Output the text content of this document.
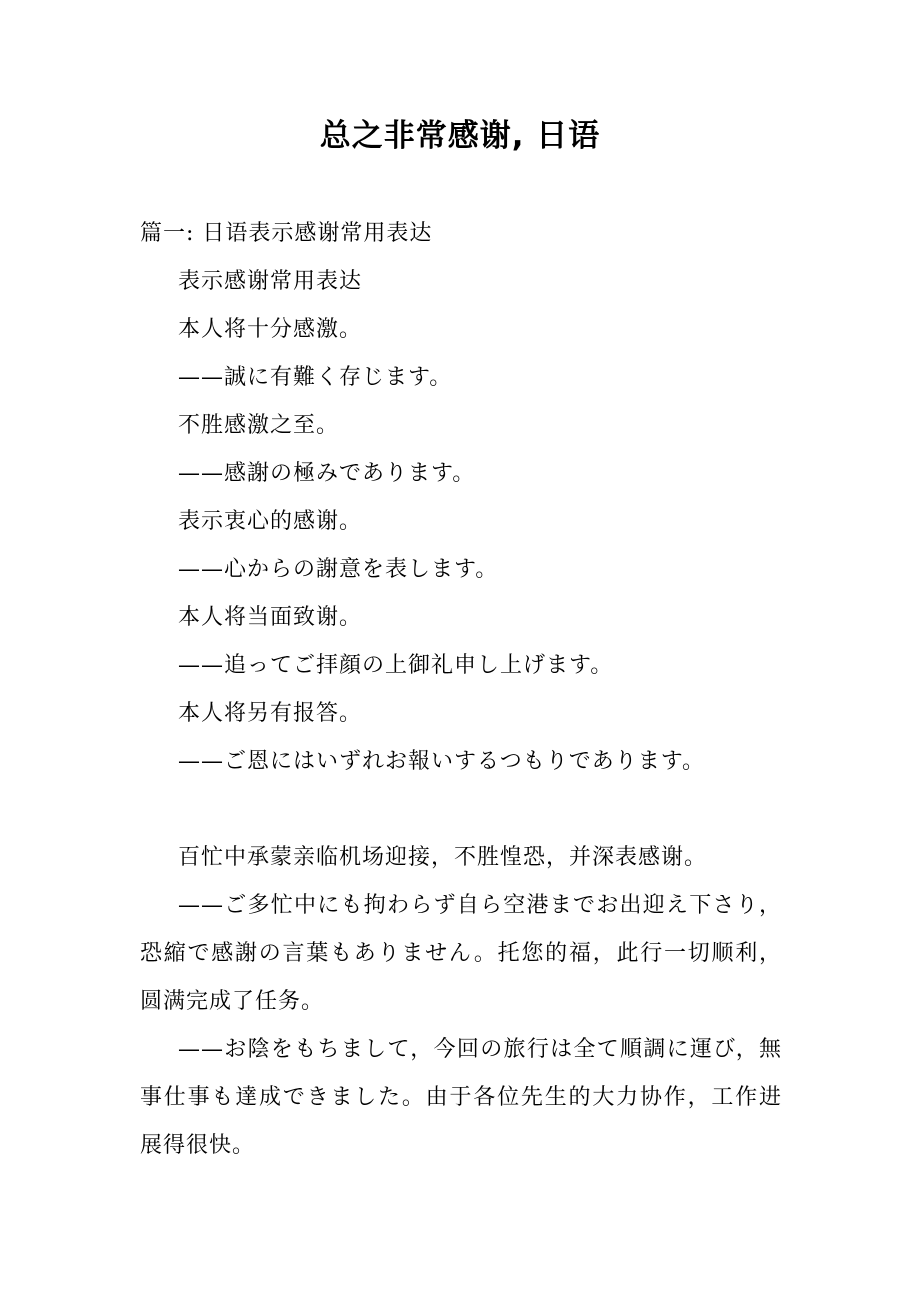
总之非常感谢, 日语
篇一: 日语表示感谢常用表达
表示感谢常用表达
本人将十分感激。
——誠に有難く存じます。
不胜感激之至。
——感謝の極みであります。
表示衷心的感谢。
——心からの謝意を表します。
本人将当面致谢。
——追ってご拝顔の上御礼申し上げます。
本人将另有报答。
——ご恩にはいずれお報いするつもりであります。

百忙中承蒙亲临机场迎接，不胜惶恐，并深表感谢。

——ご多忙中にも拘わらず自ら空港までお出迎え下さり，恐縮で感謝の言葉もありません。托您的福，此行一切顺利，圆满完成了任务。

——お陰をもちまして，今回の旅行は全て順調に運び，無事仕事も達成できました。由于各位先生的大力协作，工作进展得很快。
